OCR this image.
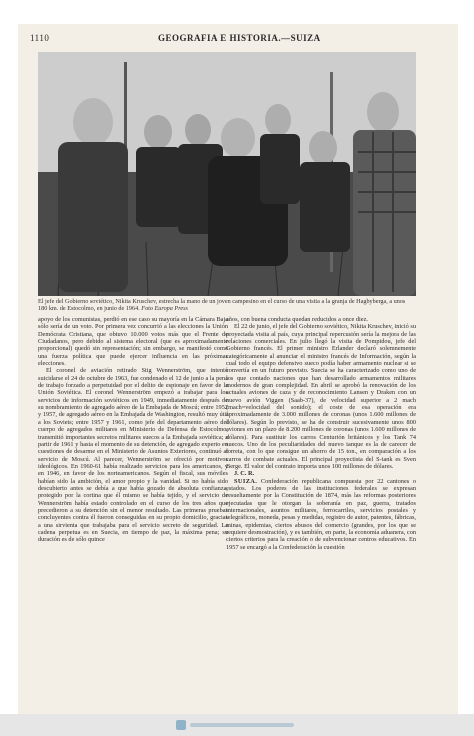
1110	GEOGRAFIA E HISTORIA.—SUIZA
El jefe del Gobierno soviético, Nikita Kruschev, estrecha la mano de un joven campesino en el curso de una visita a la granja de Hagbyberga, a unos 180 km. de Estocolmo, en junio de 1964. Foto Europa Press

apoyo de los comunistas, perdió en ese caso su mayoría en la Cámara Baja sólo sería de un voto. Por primera vez concurrió a las elecciones la Unión Demócrata Cristiana, que obtuvo 10.000 votos más que el Frente de Ciudadanos, pero debido al sistema electoral (que es aproximadamente proporcional) quedó sin representación; sin embargo, se manifestó como una fuerza política que puede ejercer influencia en las próximas elecciones.

El coronel de aviación retirado Stig Wennerström, que intentó suicidarse el 24 de octubre de 1963, fue condenado el 12 de junio a la pena de trabajo forzado a perpetuidad por el delito de espionaje en favor de la Unión Soviética. El coronel Wennerström empezó a trabajar para los servicios de información soviéticos en 1949, inmediatamente después de su nombramiento de agregado aéreo de la Embajada de Moscú; entre 1952 y 1957, de agregado aéreo en la Embajada de Washington, resultó muy útil a los Soviets; entre 1957 y 1961, como jefe del departamento aéreo del cuerpo de agregados militares en Ministerio de Defensa de Estocolmo, transmitió importantes secretos militares suecos a la Embajada soviética; a partir de 1961 y hasta el momento de su detención, de agregado experto en cuestiones de desarme en el Ministerio de Asuntos Exteriores, continuó al servicio de Moscú. Al parecer, Wennerström se ofreció por motivos ideológicos. En 1960-61 había realizado servicios para los americanos, y en 1946, en favor de los norteamericanos. Según el fiscal, sus móviles habían sido la ambición, el amor propio y la vanidad. Si no había sido descubierto antes se debía a que había gozado de absoluta confianza, protegido por la cortina que él mismo se había tejido, y el servicio de Wennerström había estado controlado en el curso de los tres años que precedieron a su detención sin el menor resultado. Las primeras pruebas concluyentes contra él fueron conseguidas en su propio domicilio, gracias a una sirvienta que trabajaba para el servicio secreto de seguridad. La cadena perpetua es en Suecia, en tiempo de paz, la máxima pena; su duración es de sólo quince

años, con buena conducta quedan reducidos a once diez.

El 22 de junio, el jefe del Gobierno soviético, Nikita Kruschev, inició su proyectada visita al país, cuya principal repercusión sería la mejora de las relaciones comerciales. En julio llegó la visita de Pompidou, jefe del Gobierno francés. El primer ministro Erlander declaró solemnemente categóricamente al anunciar el ministro francés de Información, según la cual todo el equipo defensivo sueco podía haber armamento nuclear si se convertía en un futuro previsto. Suecia se ha caracterizado como uno de los que contado naciones que han desarrollado armamentos militares modernos de gran complejidad. En abril se aprobó la renovación de los actuales aviones de caza y de reconocimiento Lansen y Draken con un nuevo avión Viggen (Saab-37), de velocidad superior a 2 mach (mach=velocidad del sonido); el coste de esa operación era aproximadamente de 3.000 millones de coronas (unos 1.600 millones de dólares). Según lo previsto, se ha de construir sucesivamente unos 800 aviones en un plazo de 8.200 millones de coronas (unos 1.600 millones de dólares). Para sustituir los carros Centurión británicos y los Tank 74 suecos. Uno de los peculiaridades del nuevo tanque es la de carecer de torreta, con lo que consigue un ahorro de 15 ton., en comparación a los carros de combate actuales. El principal proyectista del S-tank es Sven Berge. El valor del contrato importa unos 100 millones de dólares.

J. C. R.

SUIZA. Confederación republicana compuesta por 22 cantones o estados. Los poderes de las instituciones federales se expresan resueltamente por la Constitución de 1874, más las reformas posteriores ejecutadas que le otorgan la soberanía en paz, guerra, tratados internacionales, asuntos militares, ferrocarriles, servicios postales y telegráficos, moneda, pesas y medidas, registro de autor, patentes, fábricas, minas, epidemias, ciertos abusos del comercio (grandes, por los que se requiere desmostración), y es también, en parte, la economía aduanera, con ciertos criterios para la creación o de subvencionar centros educativos. En 1957 se encargó a la Confederación la cuestión
